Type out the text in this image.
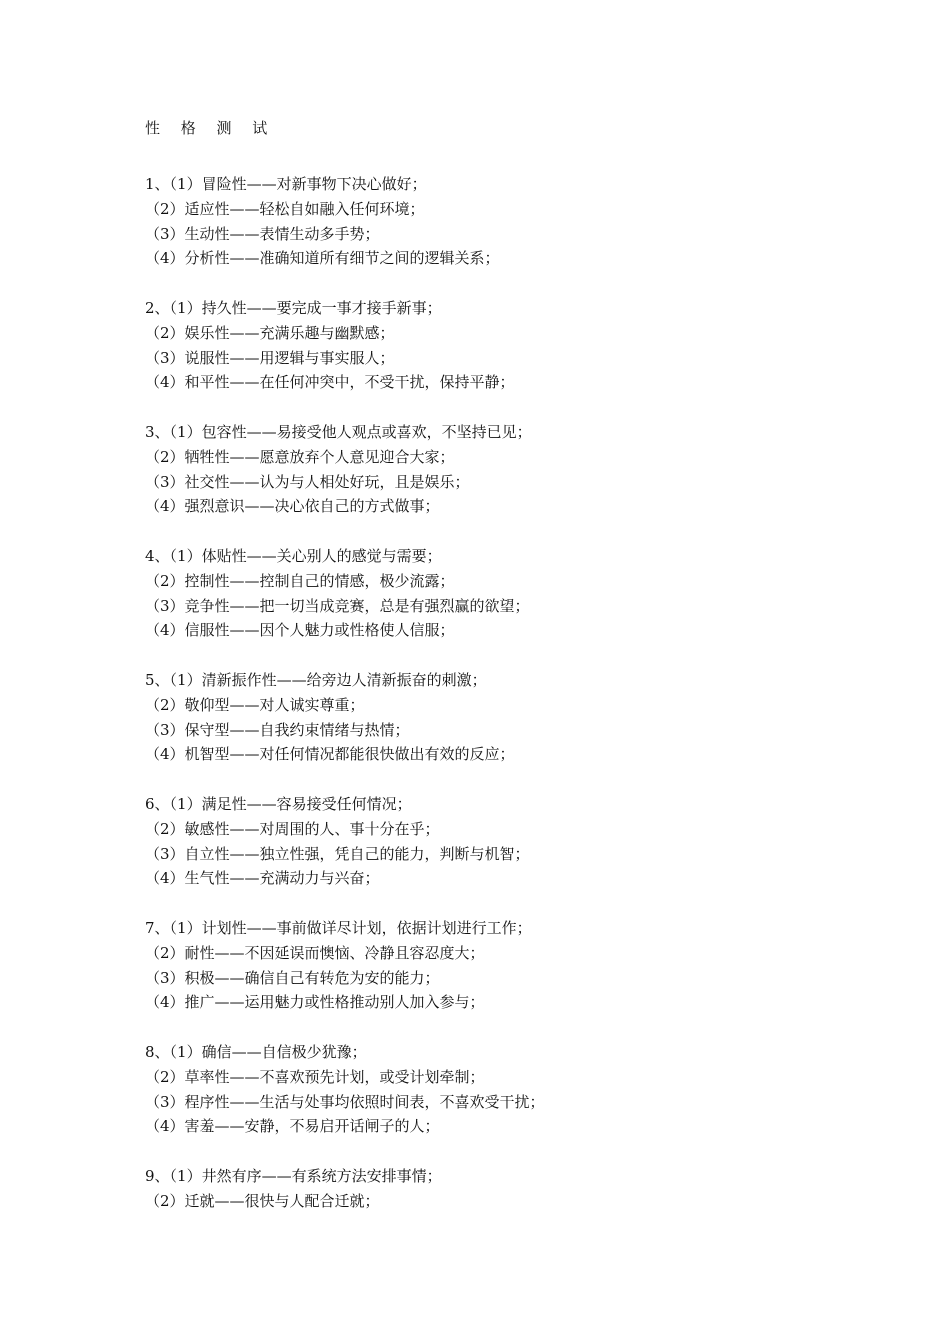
性 格 测 试
1、（1）冒险性——对新事物下决心做好；
（2）适应性——轻松自如融入任何环境；
（3）生动性——表情生动多手势；
（4）分析性——准确知道所有细节之间的逻辑关系；
2、（1）持久性——要完成一事才接手新事；
（2）娱乐性——充满乐趣与幽默感；
（3）说服性——用逻辑与事实服人；
（4）和平性——在任何冲突中，不受干扰，保持平静；
3、（1）包容性——易接受他人观点或喜欢，不坚持已见；
（2）牺牲性——愿意放弃个人意见迎合大家；
（3）社交性——认为与人相处好玩，且是娱乐；
（4）强烈意识——决心依自己的方式做事；
4、（1）体贴性——关心别人的感觉与需要；
（2）控制性——控制自己的情感，极少流露；
（3）竞争性——把一切当成竞赛，总是有强烈赢的欲望；
（4）信服性——因个人魅力或性格使人信服；
5、（1）清新振作性——给旁边人清新振奋的刺激；
（2）敬仰型——对人诚实尊重；
（3）保守型——自我约束情绪与热情；
（4）机智型——对任何情况都能很快做出有效的反应；
6、（1）满足性——容易接受任何情况；
（2）敏感性——对周围的人、事十分在乎；
（3）自立性——独立性强，凭自己的能力，判断与机智；
（4）生气性——充满动力与兴奋；
7、（1）计划性——事前做详尽计划，依据计划进行工作；
（2）耐性——不因延误而懊恼、冷静且容忍度大；
（3）积极——确信自己有转危为安的能力；
（4）推广——运用魅力或性格推动别人加入参与；
8、（1）确信——自信极少犹豫；
（2）草率性——不喜欢预先计划，或受计划牵制；
（3）程序性——生活与处事均依照时间表，不喜欢受干扰；
（4）害羞——安静，不易启开话闸子的人；
9、（1）井然有序——有系统方法安排事情；
（2）迁就——很快与人配合迁就；
